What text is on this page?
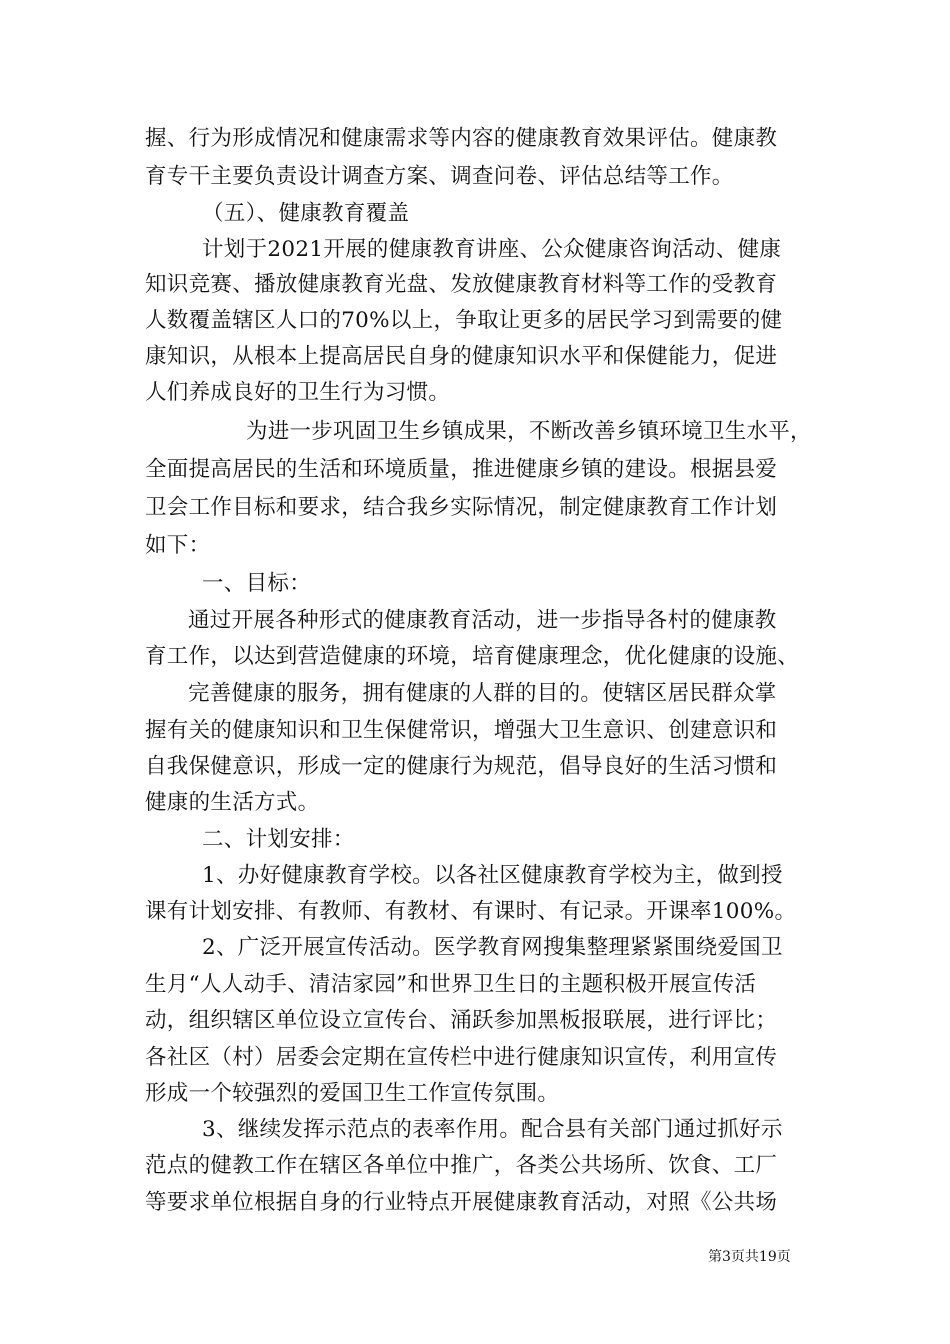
握、行为形成情况和健康需求等内容的健康教育效果评估。健康教
育专干主要负责设计调查方案、调查问卷、评估总结等工作。
（五）、健康教育覆盖
计划于2021开展的健康教育讲座、公众健康咨询活动、健康
知识竞赛、播放健康教育光盘、发放健康教育材料等工作的受教育
人数覆盖辖区人口的70%以上，争取让更多的居民学习到需要的健
康知识，从根本上提高居民自身的健康知识水平和保健能力，促进
人们养成良好的卫生行为习惯。
为进一步巩固卫生乡镇成果，不断改善乡镇环境卫生水平，
全面提高居民的生活和环境质量，推进健康乡镇的建设。根据县爱
卫会工作目标和要求，结合我乡实际情况，制定健康教育工作计划
如下：
一、目标：
通过开展各种形式的健康教育活动，进一步指导各村的健康教
育工作，以达到营造健康的环境，培育健康理念，优化健康的设施、
完善健康的服务，拥有健康的人群的目的。使辖区居民群众掌
握有关的健康知识和卫生保健常识，增强大卫生意识、创建意识和
自我保健意识，形成一定的健康行为规范，倡导良好的生活习惯和
健康的生活方式。
二、计划安排：
1、办好健康教育学校。以各社区健康教育学校为主，做到授
课有计划安排、有教师、有教材、有课时、有记录。开课率100%。
2、广泛开展宣传活动。医学教育网搜集整理紧紧围绕爱国卫
生月“人人动手、清洁家园”和世界卫生日的主题积极开展宣传活
动，组织辖区单位设立宣传台、涌跃参加黑板报联展，进行评比；
各社区（村）居委会定期在宣传栏中进行健康知识宣传，利用宣传
形成一个较强烈的爱国卫生工作宣传氛围。
3、继续发挥示范点的表率作用。配合县有关部门通过抓好示
范点的健教工作在辖区各单位中推广，各类公共场所、饮食、工厂
等要求单位根据自身的行业特点开展健康教育活动，对照《公共场
第3页共19页
